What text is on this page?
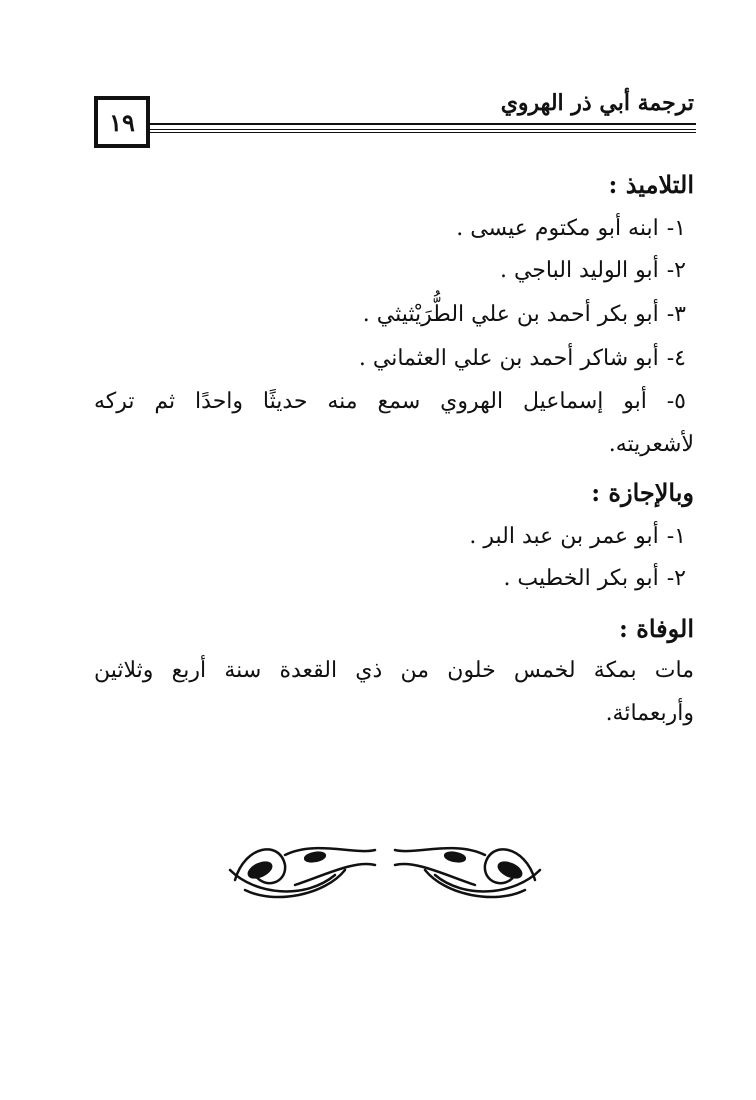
ترجمة أبي ذر الهروي
١٩
التلاميذ :
١-ابنه أبو مكتوم عيسى .
٢-أبو الوليد الباجي .
٣-أبو بكر أحمد بن علي الطُّرَيْثيثي .
٤-أبو شاكر أحمد بن علي العثماني .
٥- أبو إسماعيل الهروي سمع منه حديثًا واحدًا ثم تركه
لأشعريته.
وبالإجازة :
١-أبو عمر بن عبد البر .
٢-أبو بكر الخطيب .
الوفاة :
مات بمكة لخمس خلون من ذي القعدة سنة أربع وثلاثين
وأربعمائة.
